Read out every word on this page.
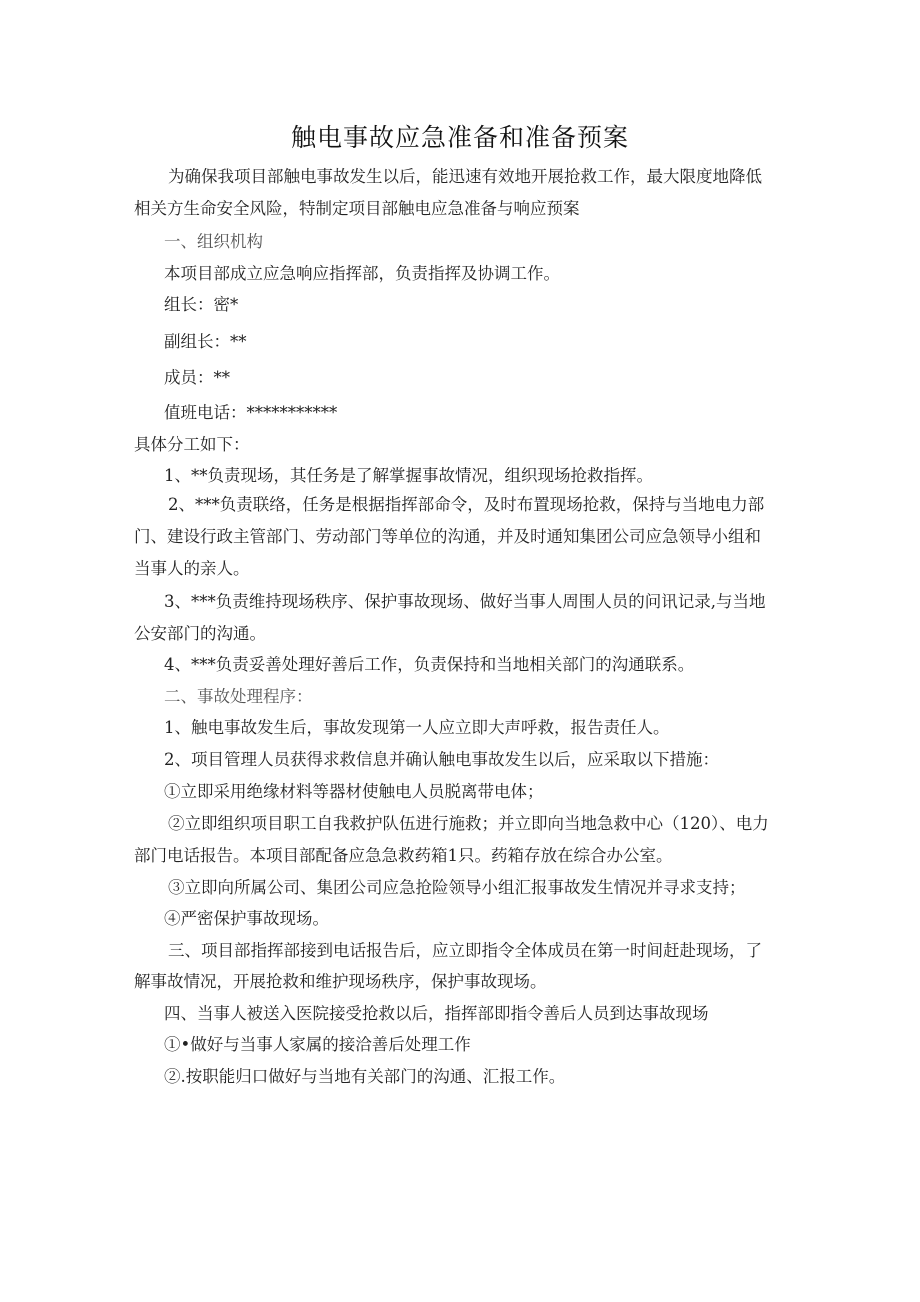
触电事故应急准备和准备预案
为确保我项目部触电事故发生以后，能迅速有效地开展抢救工作，最大限度地降低
相关方生命安全风险，特制定项目部触电应急准备与响应预案
一、组织机构
本项目部成立应急响应指挥部，负责指挥及协调工作。
组长：密*
副组长：**
成员：**
值班电话：***********
具体分工如下：
1、**负责现场，其任务是了解掌握事故情况，组织现场抢救指挥。
2、***负责联络，任务是根据指挥部命令，及时布置现场抢救，保持与当地电力部
门、建设行政主管部门、劳动部门等单位的沟通，并及时通知集团公司应急领导小组和
当事人的亲人。
3、***负责维持现场秩序、保护事故现场、做好当事人周围人员的问讯记录,与当地
公安部门的沟通。
4、***负责妥善处理好善后工作，负责保持和当地相关部门的沟通联系。
二、事故处理程序：
1、触电事故发生后，事故发现第一人应立即大声呼救，报告责任人。
2、项目管理人员获得求救信息并确认触电事故发生以后，应采取以下措施：
①立即采用绝缘材料等器材使触电人员脱离带电体；
②立即组织项目职工自我救护队伍进行施救；并立即向当地急救中心（120）、电力
部门电话报告。本项目部配备应急急救药箱1只。药箱存放在综合办公室。
③立即向所属公司、集团公司应急抢险领导小组汇报事故发生情况并寻求支持；
④严密保护事故现场。
三、项目部指挥部接到电话报告后，应立即指令全体成员在第一时间赶赴现场，了
解事故情况，开展抢救和维护现场秩序，保护事故现场。
四、当事人被送入医院接受抢救以后，指挥部即指令善后人员到达事故现场
①•做好与当事人家属的接洽善后处理工作
②.按职能归口做好与当地有关部门的沟通、汇报工作。
